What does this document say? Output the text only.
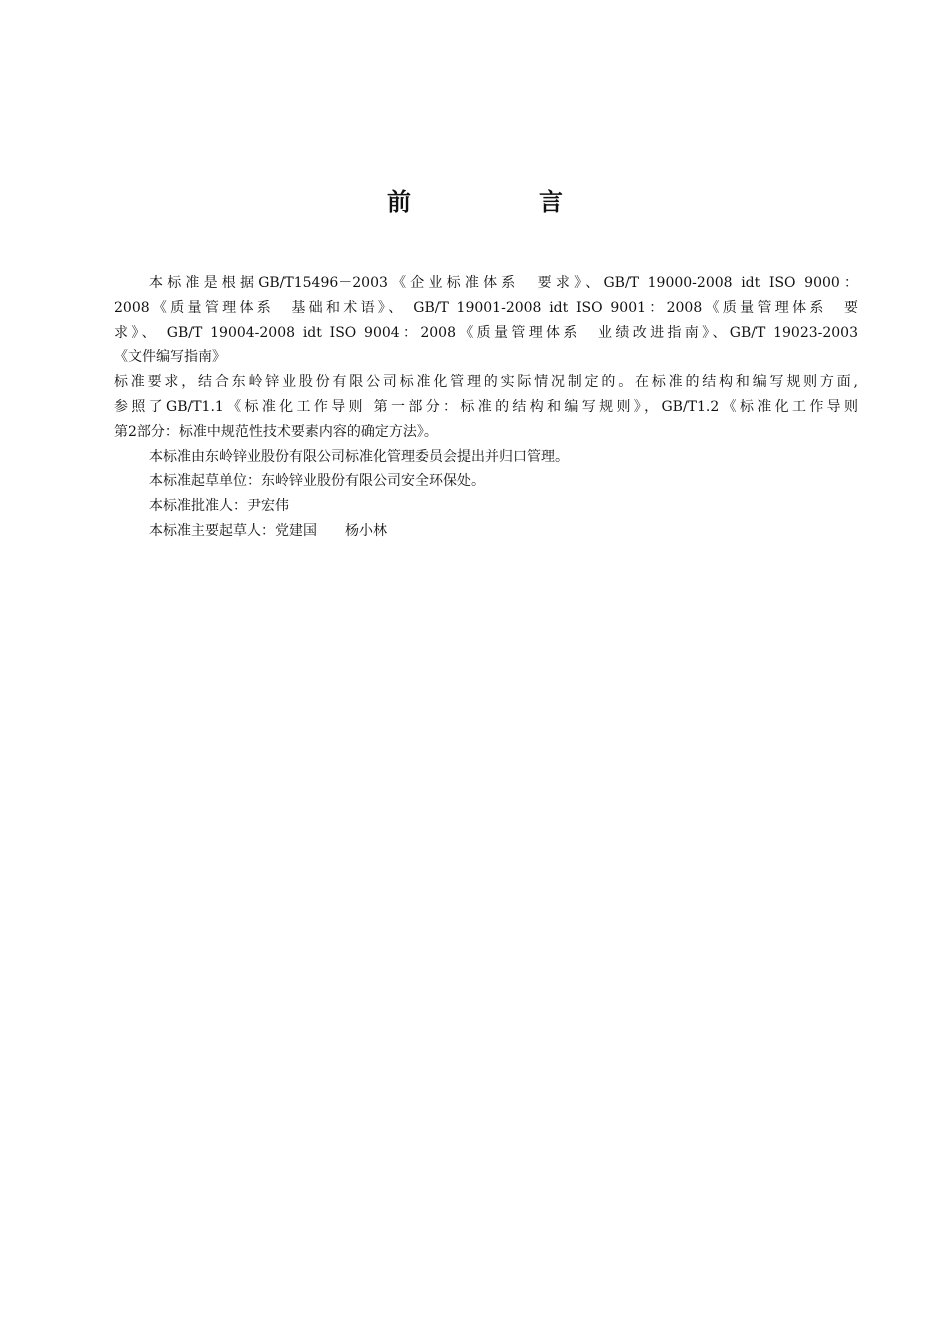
前　言
本标准是根据GB/T15496－2003《企业标准体系　要求》、GB/T 19000-2008 idt ISO 9000：
2008《质量管理体系　基础和术语》、 GB/T 19001-2008 idt ISO 9001：2008《质量管理体系　要
求》、 GB/T 19004-2008 idt ISO 9004：2008《质量管理体系　业绩改进指南》、GB/T 19023-2003
《文件编写指南》
标准要求，结合东岭锌业股份有限公司标准化管理的实际情况制定的。在标准的结构和编写规则方面,
参照了GB/T1.1《标准化工作导则 第一部分：标准的结构和编写规则》，GB/T1.2《标准化工作导则
第2部分：标准中规范性技术要素内容的确定方法》。
本标准由东岭锌业股份有限公司标准化管理委员会提出并归口管理。
本标准起草单位：东岭锌业股份有限公司安全环保处。
本标准批准人：尹宏伟
本标准主要起草人：党建国　　杨小林
